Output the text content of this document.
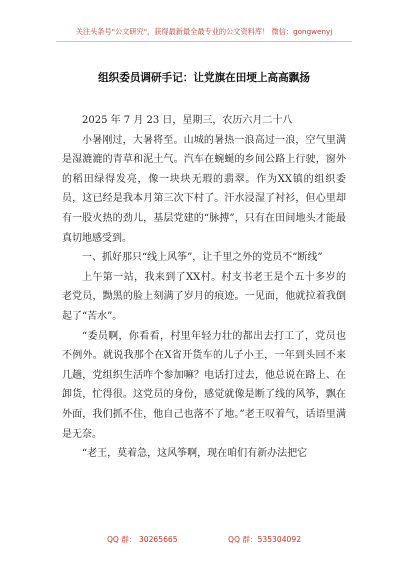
关注头条号"公文研究"，获得最新最全最专业的公文资料库！ 微信：gongwenyj
组织委员调研手记：让党旗在田埂上高高飘扬

2025 年 7 月 23 日，星期三，农历六月二十八

小暑刚过，大暑将至。山城的暑热一浪高过一浪，空气里满是湿漉漉的青草和泥土气。汽车在蜿蜒的乡间公路上行驶，窗外的稻田绿得发亮，像一块块无瑕的翡翠。作为XX镇的组织委员，这已经是我本月第三次下村了。汗水浸湿了衬衫，但心里却有一股火热的劲儿，基层党建的“脉搏”，只有在田间地头才能最真切地感受到。

一、抓好那只“线上风筝”，让千里之外的党员不“断线”

上午第一站，我来到了XX村。村支书老王是个五十多岁的老党员，黝黑的脸上刻满了岁月的痕迹。一见面，他就拉着我倒起了“苦水”。

“委员啊，你看看，村里年轻力壮的都出去打工了，党员也不例外。就说我那个在X省开货车的儿子小王，一年到头回不来几趟，党组织生活咋个参加嘛？电话打过去，他总说在路上、在卸货，忙得很。这党员的身份，感觉就像是断了线的风筝，飘在外面，我们抓不住，他自己也落不了地。”老王叹着气，话语里满是无奈。

“老王，莫着急，这风筝啊，现在咱们有新办法把它

QQ 群： 30265665	QQ 群：535304092
